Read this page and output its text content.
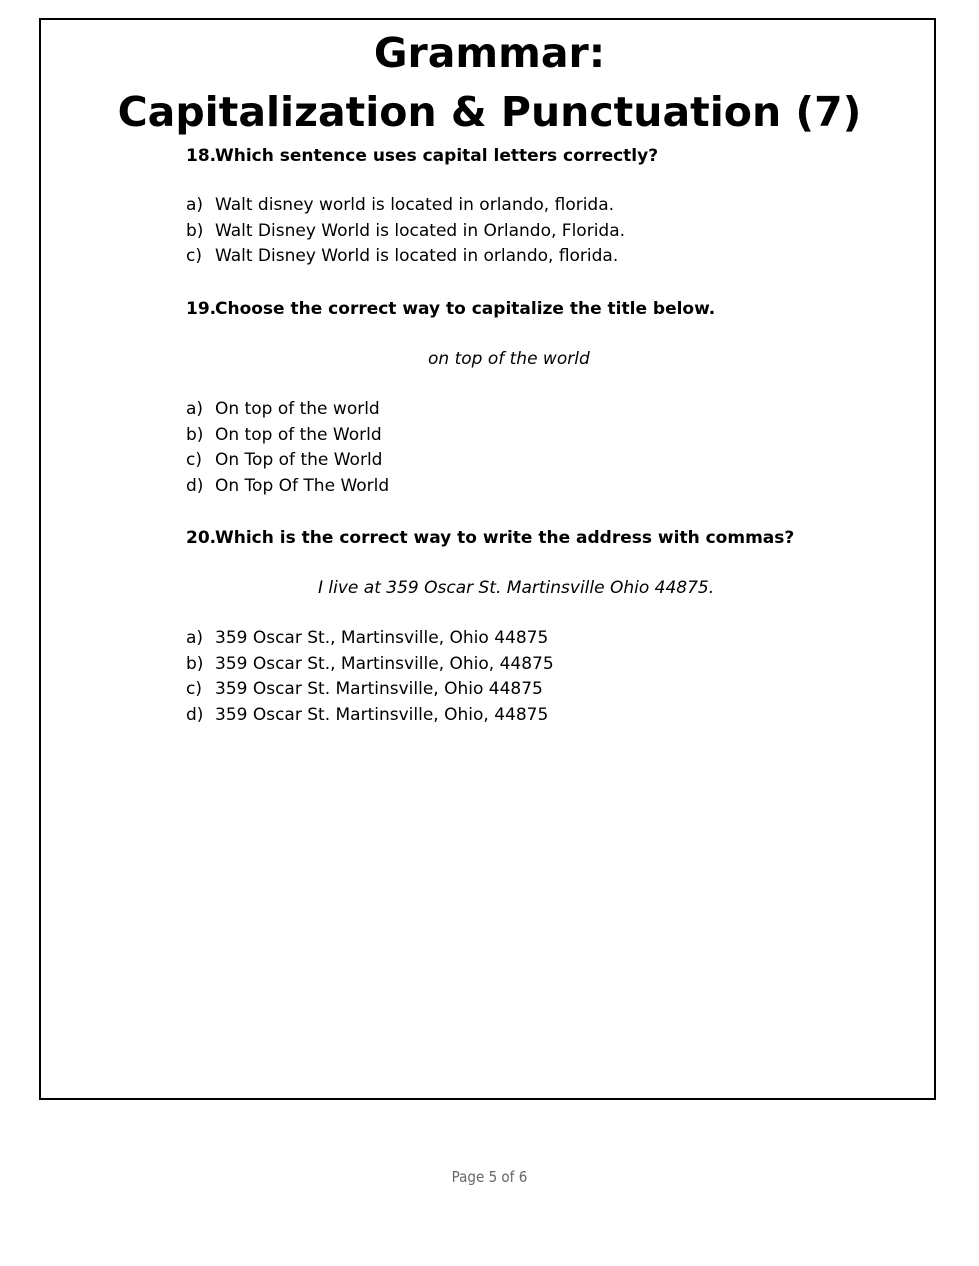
Grammar:
Capitalization & Punctuation (7)
18.Which sentence uses capital letters correctly?
a) Walt disney world is located in orlando, florida.
b) Walt Disney World is located in Orlando, Florida.
c) Walt Disney World is located in orlando, florida.
19.Choose the correct way to capitalize the title below.
on top of the world
a) On top of the world
b) On top of the World
c) On Top of the World
d) On Top Of The World
20.Which is the correct way to write the address with commas?
I live at 359 Oscar St. Martinsville Ohio 44875.
a) 359 Oscar St., Martinsville, Ohio 44875
b) 359 Oscar St., Martinsville, Ohio, 44875
c) 359 Oscar St. Martinsville, Ohio 44875
d) 359 Oscar St. Martinsville, Ohio, 44875
Page 5 of 6
